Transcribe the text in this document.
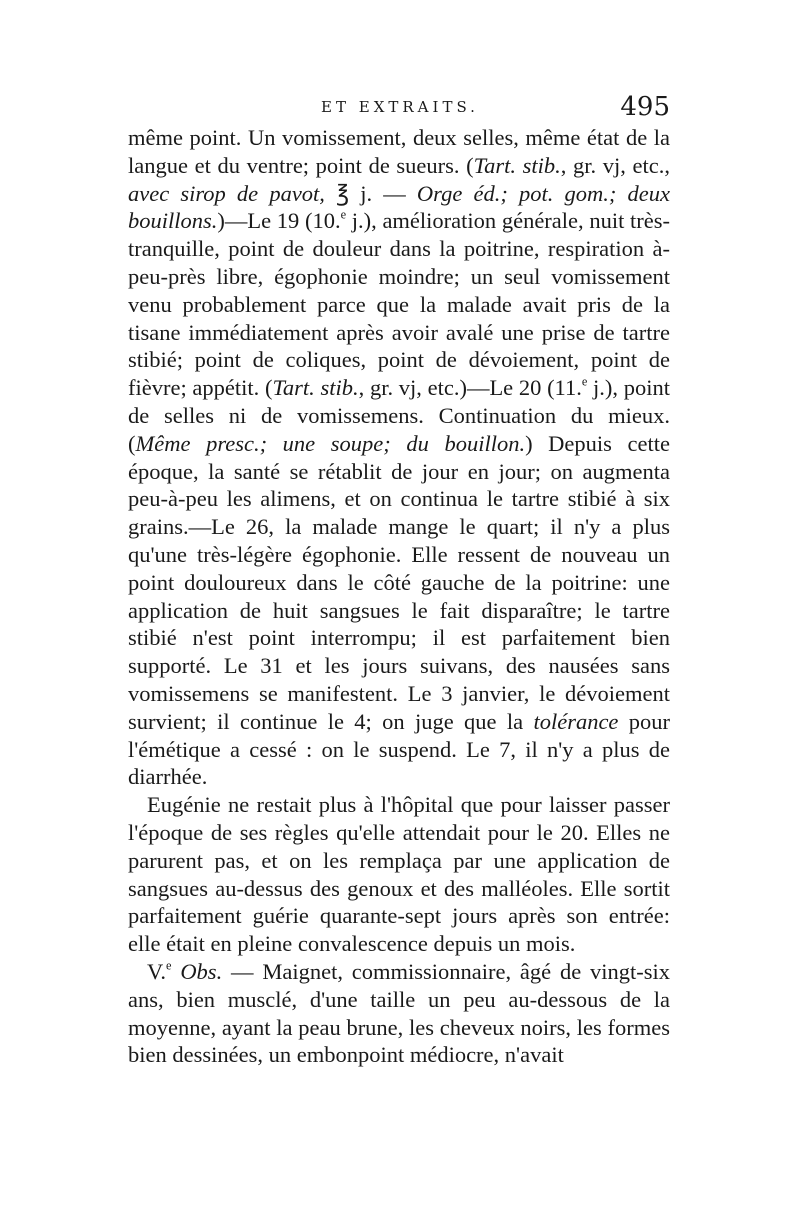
ET EXTRAITS.	495

même point. Un vomissement, deux selles, même état de la langue et du ventre; point de sueurs. (Tart. stib., gr. vj, etc., avec sirop de pavot, ℥ j. — Orge éd.; pot. gom.; deux bouillons.)—Le 19 (10.$^e$ j.), amélioration générale, nuit très-tranquille, point de douleur dans la poitrine, respiration à-peu-près libre, égophonie moindre; un seul vomissement venu probablement parce que la malade avait pris de la tisane immédiatement après avoir avalé une prise de tartre stibié; point de coliques, point de dévoiement, point de fièvre; appétit. (Tart. stib., gr. vj, etc.)—Le 20 (11.$^e$ j.), point de selles ni de vomissemens. Continuation du mieux. (Même presc.; une soupe; du bouillon.) Depuis cette époque, la santé se rétablit de jour en jour; on augmenta peu-à-peu les alimens, et on continua le tartre stibié à six grains.—Le 26, la malade mange le quart; il n'y a plus qu'une très-légère égophonie. Elle ressent de nouveau un point douloureux dans le côté gauche de la poitrine: une application de huit sangsues le fait disparaître; le tartre stibié n'est point interrompu; il est parfaitement bien supporté. Le 31 et les jours suivans, des nausées sans vomissemens se manifestent. Le 3 janvier, le dévoiement survient; il continue le 4; on juge que la tolérance pour l'émétique a cessé : on le suspend. Le 7, il n'y a plus de diarrhée.

Eugénie ne restait plus à l'hôpital que pour laisser passer l'époque de ses règles qu'elle attendait pour le 20. Elles ne parurent pas, et on les remplaça par une application de sangsues au-dessus des genoux et des malléoles. Elle sortit parfaitement guérie quarante-sept jours après son entrée: elle était en pleine convalescence depuis un mois.

V.$^e$ Obs. — Maignet, commissionnaire, âgé de vingt-six ans, bien musclé, d'une taille un peu au-dessous de la moyenne, ayant la peau brune, les cheveux noirs, les formes bien dessinées, un embonpoint médiocre, n'avait
